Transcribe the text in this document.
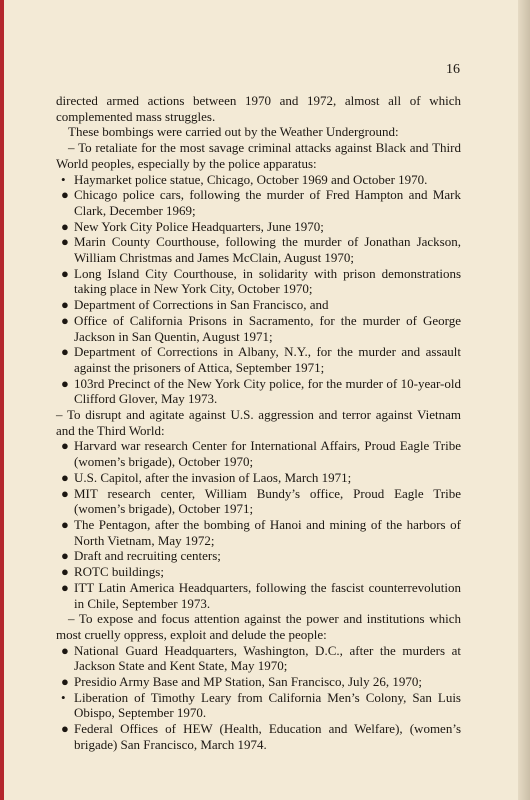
16

directed armed actions between 1970 and 1972, almost all of which complemented mass struggles.

These bombings were carried out by the Weather Underground:

– To retaliate for the most savage criminal attacks against Black and Third World peoples, especially by the police apparatus:

• Haymarket police statue, Chicago, October 1969 and October 1970.
● Chicago police cars, following the murder of Fred Hampton and Mark Clark, December 1969;
● New York City Police Headquarters, June 1970;
● Marin County Courthouse, following the murder of Jonathan Jackson, William Christmas and James McClain, August 1970;
● Long Island City Courthouse, in solidarity with prison demonstrations taking place in New York City, October 1970;
● Department of Corrections in San Francisco, and
● Office of California Prisons in Sacramento, for the murder of George Jackson in San Quentin, August 1971;
● Department of Corrections in Albany, N.Y., for the murder and assault against the prisoners of Attica, September 1971;
● 103rd Precinct of the New York City police, for the murder of 10-year-old Clifford Glover, May 1973.

– To disrupt and agitate against U.S. aggression and terror against Vietnam and the Third World:

● Harvard war research Center for International Affairs, Proud Eagle Tribe (women’s brigade), October 1970;
● U.S. Capitol, after the invasion of Laos, March 1971;
● MIT research center, William Bundy’s office, Proud Eagle Tribe (women’s brigade), October 1971;
● The Pentagon, after the bombing of Hanoi and mining of the harbors of North Vietnam, May 1972;
● Draft and recruiting centers;
● ROTC buildings;
● ITT Latin America Headquarters, following the fascist counterrevolution in Chile, September 1973.

– To expose and focus attention against the power and institutions which most cruelly oppress, exploit and delude the people:

● National Guard Headquarters, Washington, D.C., after the murders at Jackson State and Kent State, May 1970;
● Presidio Army Base and MP Station, San Francisco, July 26, 1970;
• Liberation of Timothy Leary from California Men’s Colony, San Luis Obispo, September 1970.
● Federal Offices of HEW (Health, Education and Welfare), (women’s brigade) San Francisco, March 1974.
